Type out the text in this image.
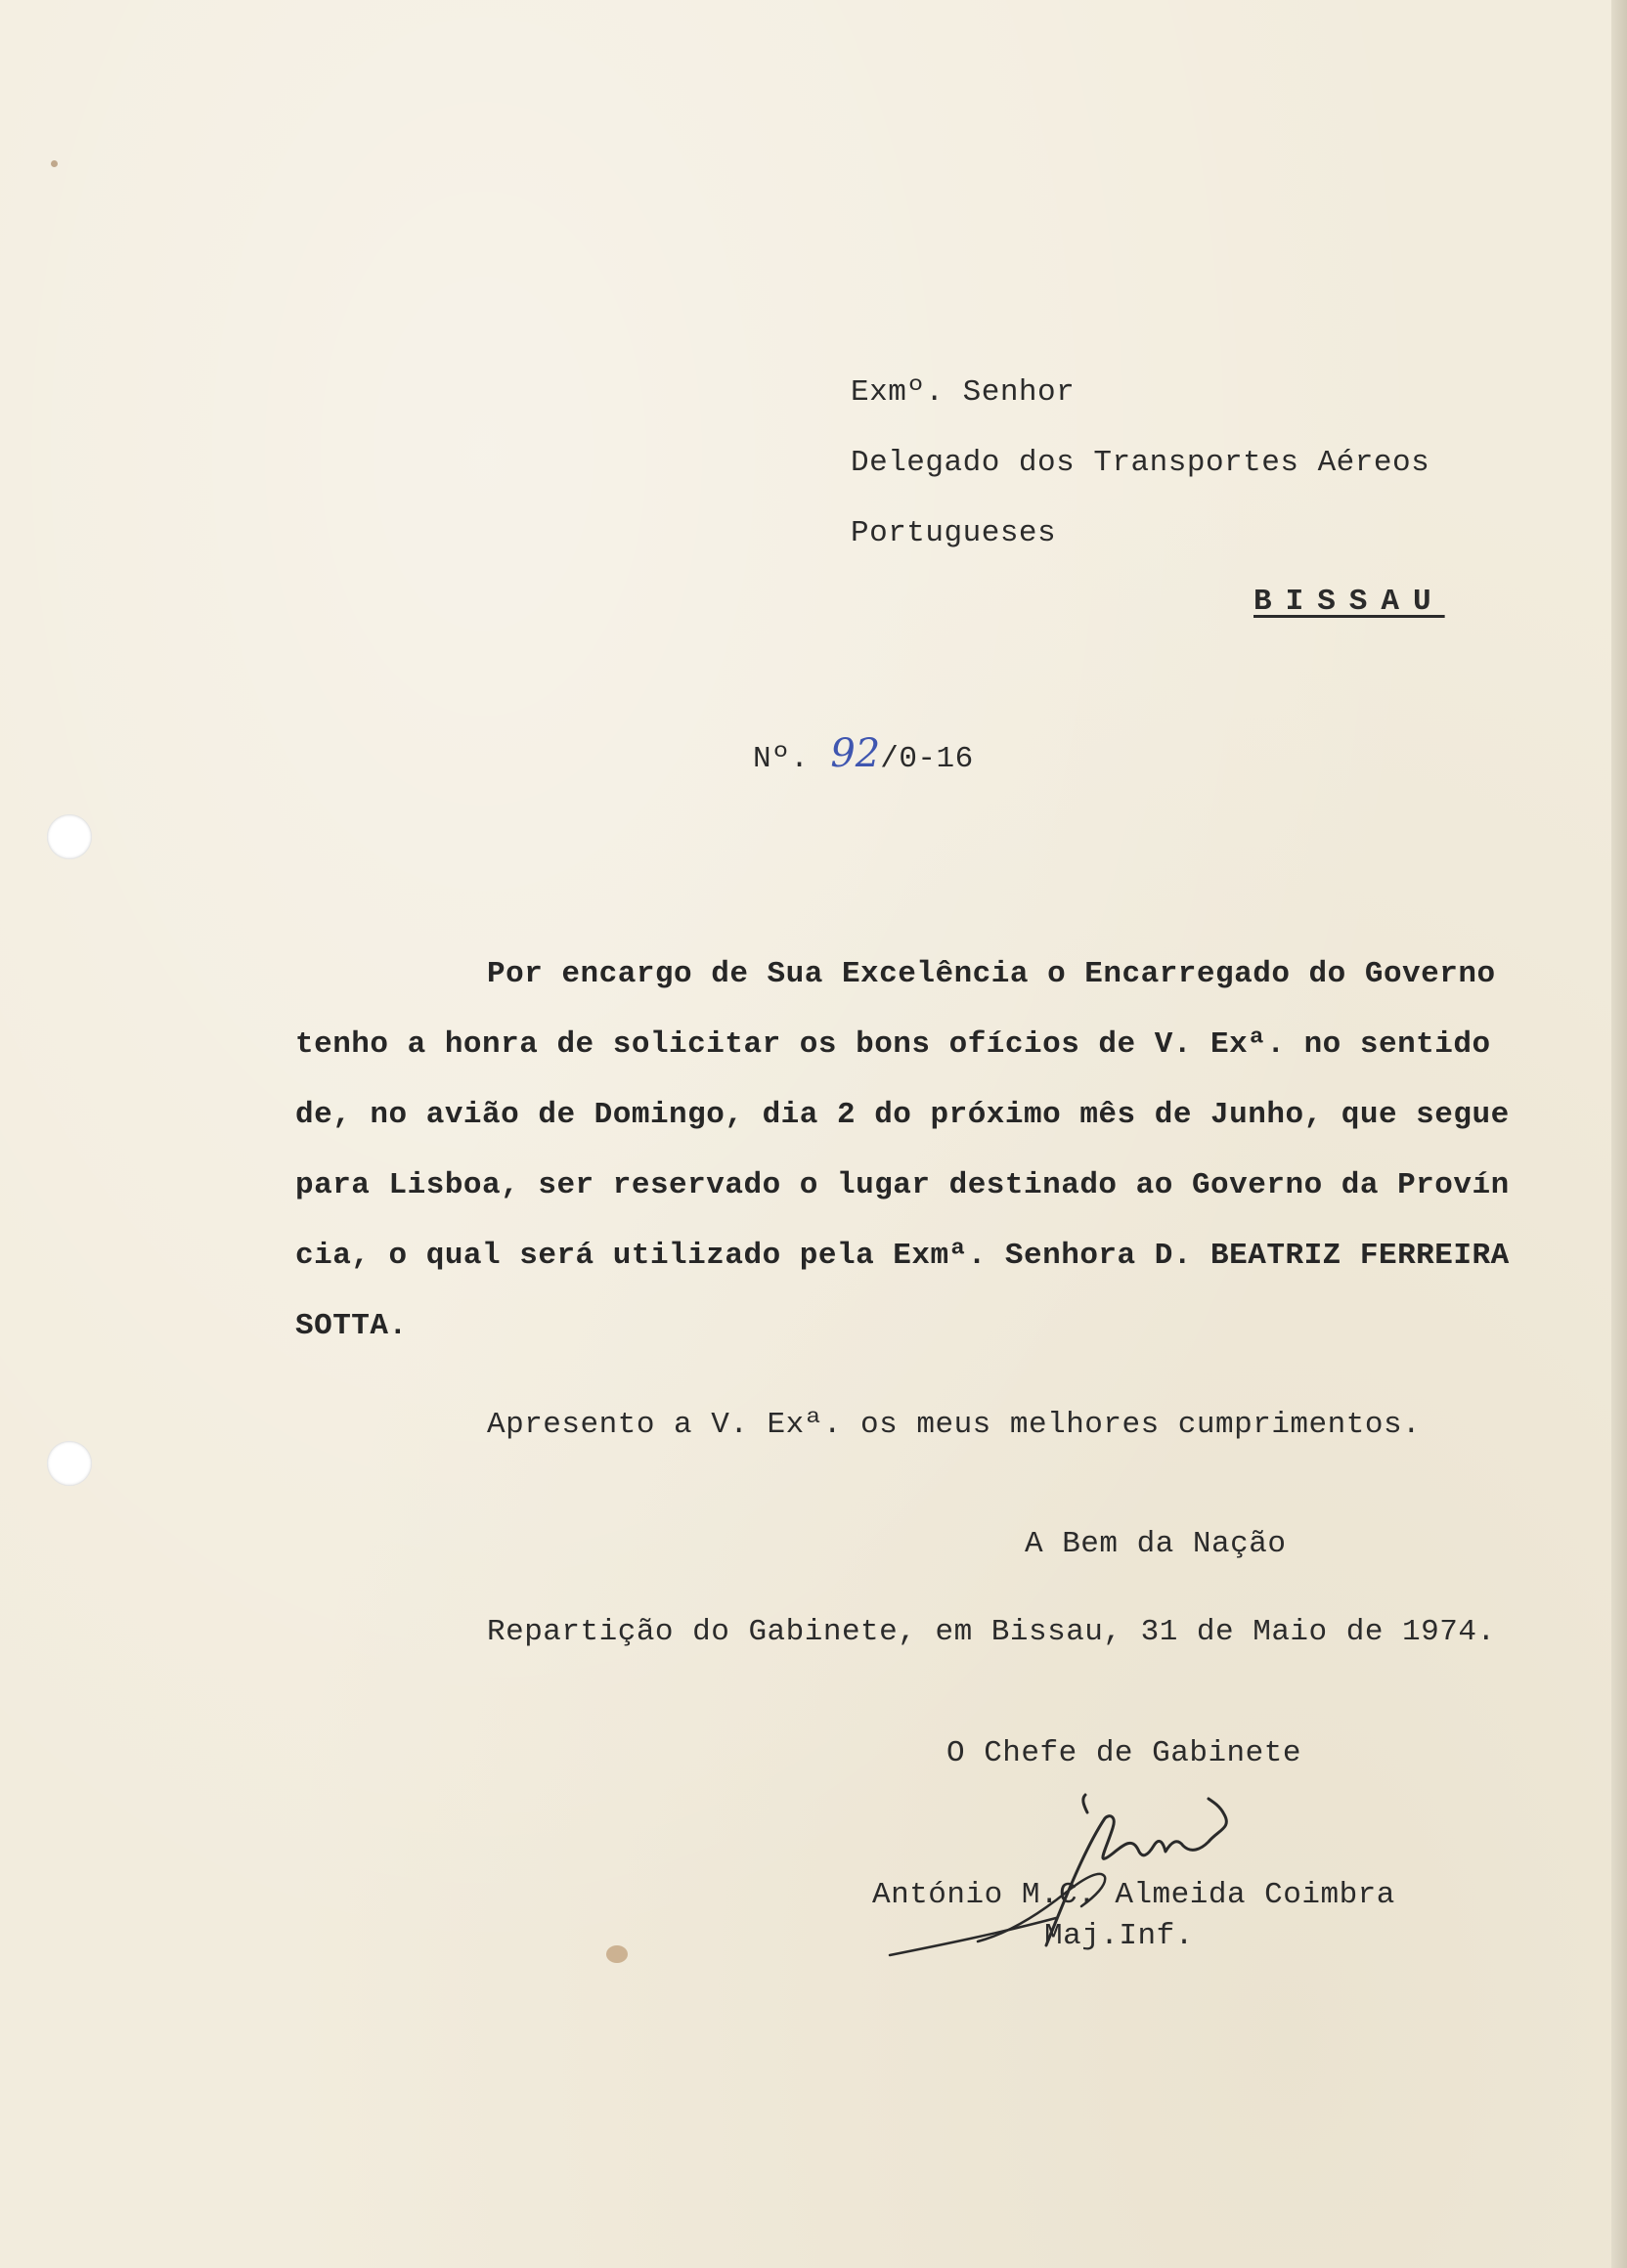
Exmº. Senhor
Delegado dos Transportes Aéreos
Portugueses
BISSAU
Nº. 92 /0-16
Por encargo de Sua Excelência o Encarregado do Governo
tenho a honra de solicitar os bons ofícios de V. Exª. no sentido
de, no avião de Domingo, dia 2 do próximo mês de Junho, que segue
para Lisboa, ser reservado o lugar destinado ao Governo da Provín
cia, o qual será utilizado pela Exmª. Senhora D. BEATRIZ FERREIRA
SOTTA.
Apresento a V. Exª. os meus melhores cumprimentos.
A Bem da Nação
Repartição do Gabinete, em Bissau, 31 de Maio de 1974.
O Chefe de Gabinete
António M.C. Almeida Coimbra
Maj.Inf.
